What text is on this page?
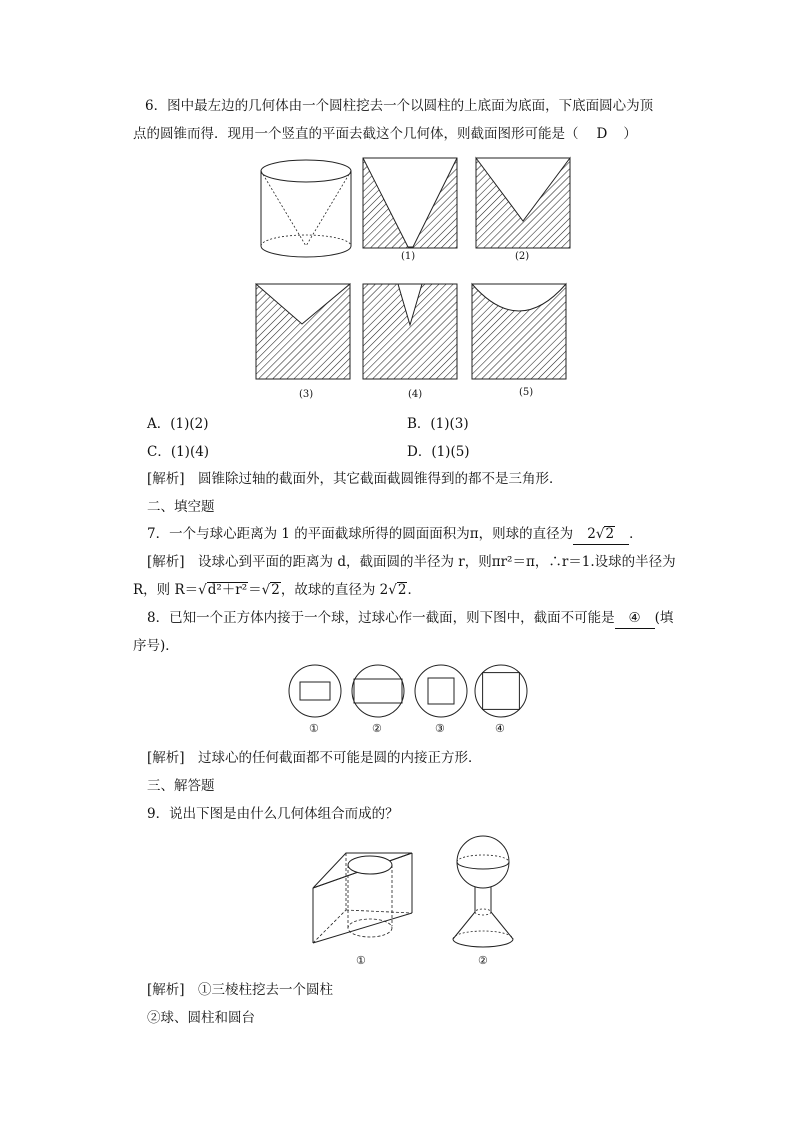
6．图中最左边的几何体由一个圆柱挖去一个以圆柱的上底面为底面，下底面圆心为顶
点的圆锥而得．现用一个竖直的平面去截这个几何体，则截面图形可能是（ D ）
(1)	(2)
(3)	(4)	(5)
A．(1)(2)	B．(1)(3)
C．(1)(4)	D．(1)(5)
[解析]　圆锥除过轴的截面外，其它截面截圆锥得到的都不是三角形．
二、填空题
7．一个与球心距离为 1 的平面截球所得的圆面面积为π，则球的直径为 2√2 ．
[解析]　设球心到平面的距离为 d，截面圆的半径为 r，则πr²＝π，∴r＝1.设球的半径为
R，则 R＝√d²＋r²＝√2，故球的直径为 2√2．
8．已知一个正方体内接于一个球，过球心作一截面，则下图中，截面不可能是 ④ (填
序号)．
①	②	③	④
[解析]　过球心的任何截面都不可能是圆的内接正方形．
三、解答题
9．说出下图是由什么几何体组合而成的？
①	②
[解析]　①三棱柱挖去一个圆柱
②球、圆柱和圆台
